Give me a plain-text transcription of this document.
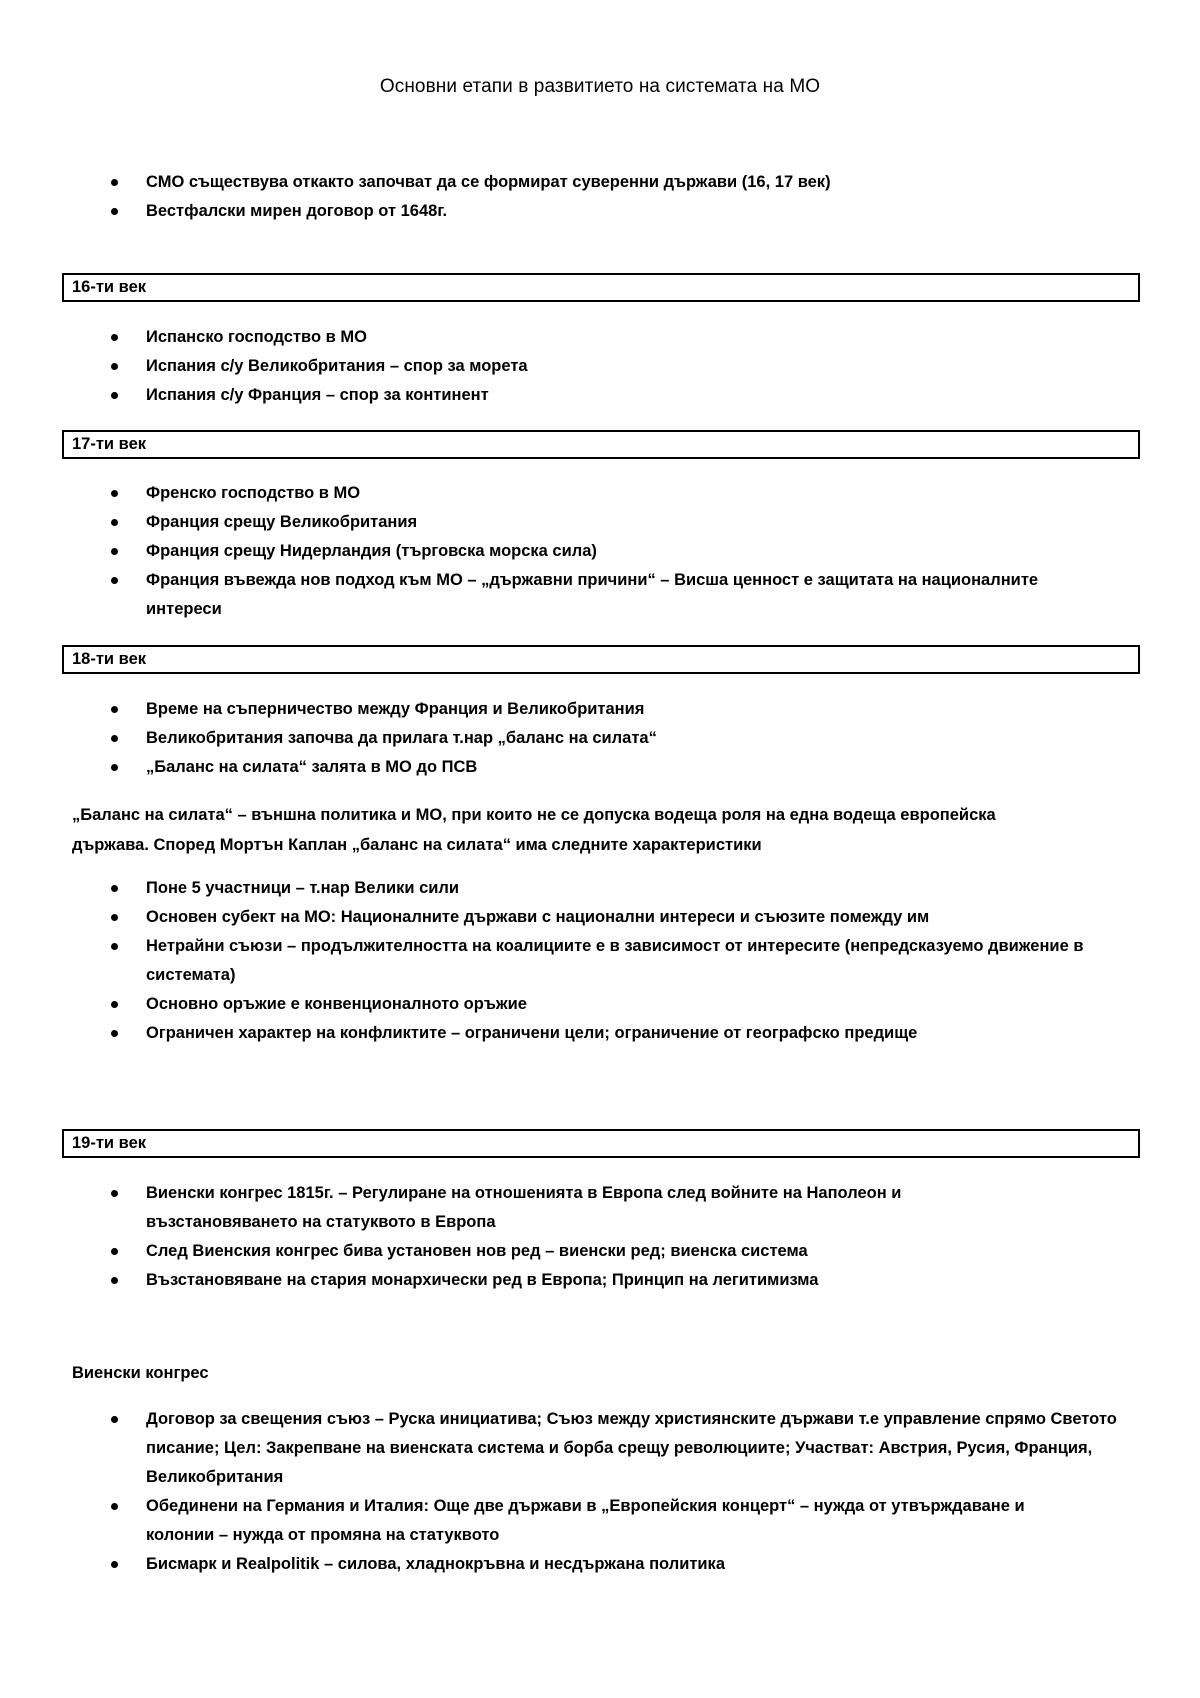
Основни етапи в развитието на системата на МО
СМО съществува откакто започват да се формират суверенни държави (16, 17 век)
Вестфалски мирен договор от 1648г.
16-ти век
Испанско господство в МО
Испания с/у Великобритания – спор за морета
Испания с/у Франция – спор за континент
17-ти век
Френско господство в МО
Франция срещу Великобритания
Франция срещу Нидерландия (търговска морска сила)
Франция въвежда нов подход към МО – „държавни причини“ – Висша ценност е защитата на националните интереси
18-ти век
Време на съперничество между Франция и Великобритания
Великобритания започва да прилага т.нар „баланс на силата“
„Баланс на силата“ залята в МО до ПСВ
„Баланс на силата“ – външна политика и МО, при които не се допуска водеща роля на една водеща европейска държава. Според Мортън Каплан „баланс на силата“ има следните характеристики
Поне 5 участници – т.нар Велики сили
Основен субект на МО: Националните държави с национални интереси и съюзите помежду им
Нетрайни съюзи – продължителността на коалициите е в зависимост от интересите (непредсказуемо движение в системата)
Основно оръжие е конвенционалното оръжие
Ограничен характер на конфликтите – ограничени цели; ограничение от географско предище
19-ти век
Виенски конгрес 1815г. – Регулиране на отношенията в Европа след войните на Наполеон и възстановяването на статуквото в Европа
След Виенския конгрес бива установен нов ред – виенски ред; виенска система
Възстановяване на стария монархически ред в Европа; Принцип на легитимизма
Виенски конгрес
Договор за свещения съюз – Руска инициатива; Съюз между християнските държави т.е управление спрямо Светото писание; Цел: Закрепване на виенската система и борба срещу революциите; Участват: Австрия, Русия, Франция, Великобритания
Обединени на Германия и Италия: Още две държави в „Европейския концерт“ – нужда от утвърждаване и колонии – нужда от промяна на статуквото
Бисмарк и Realpolitik – силова, хладнокръвна и несдържана политика
